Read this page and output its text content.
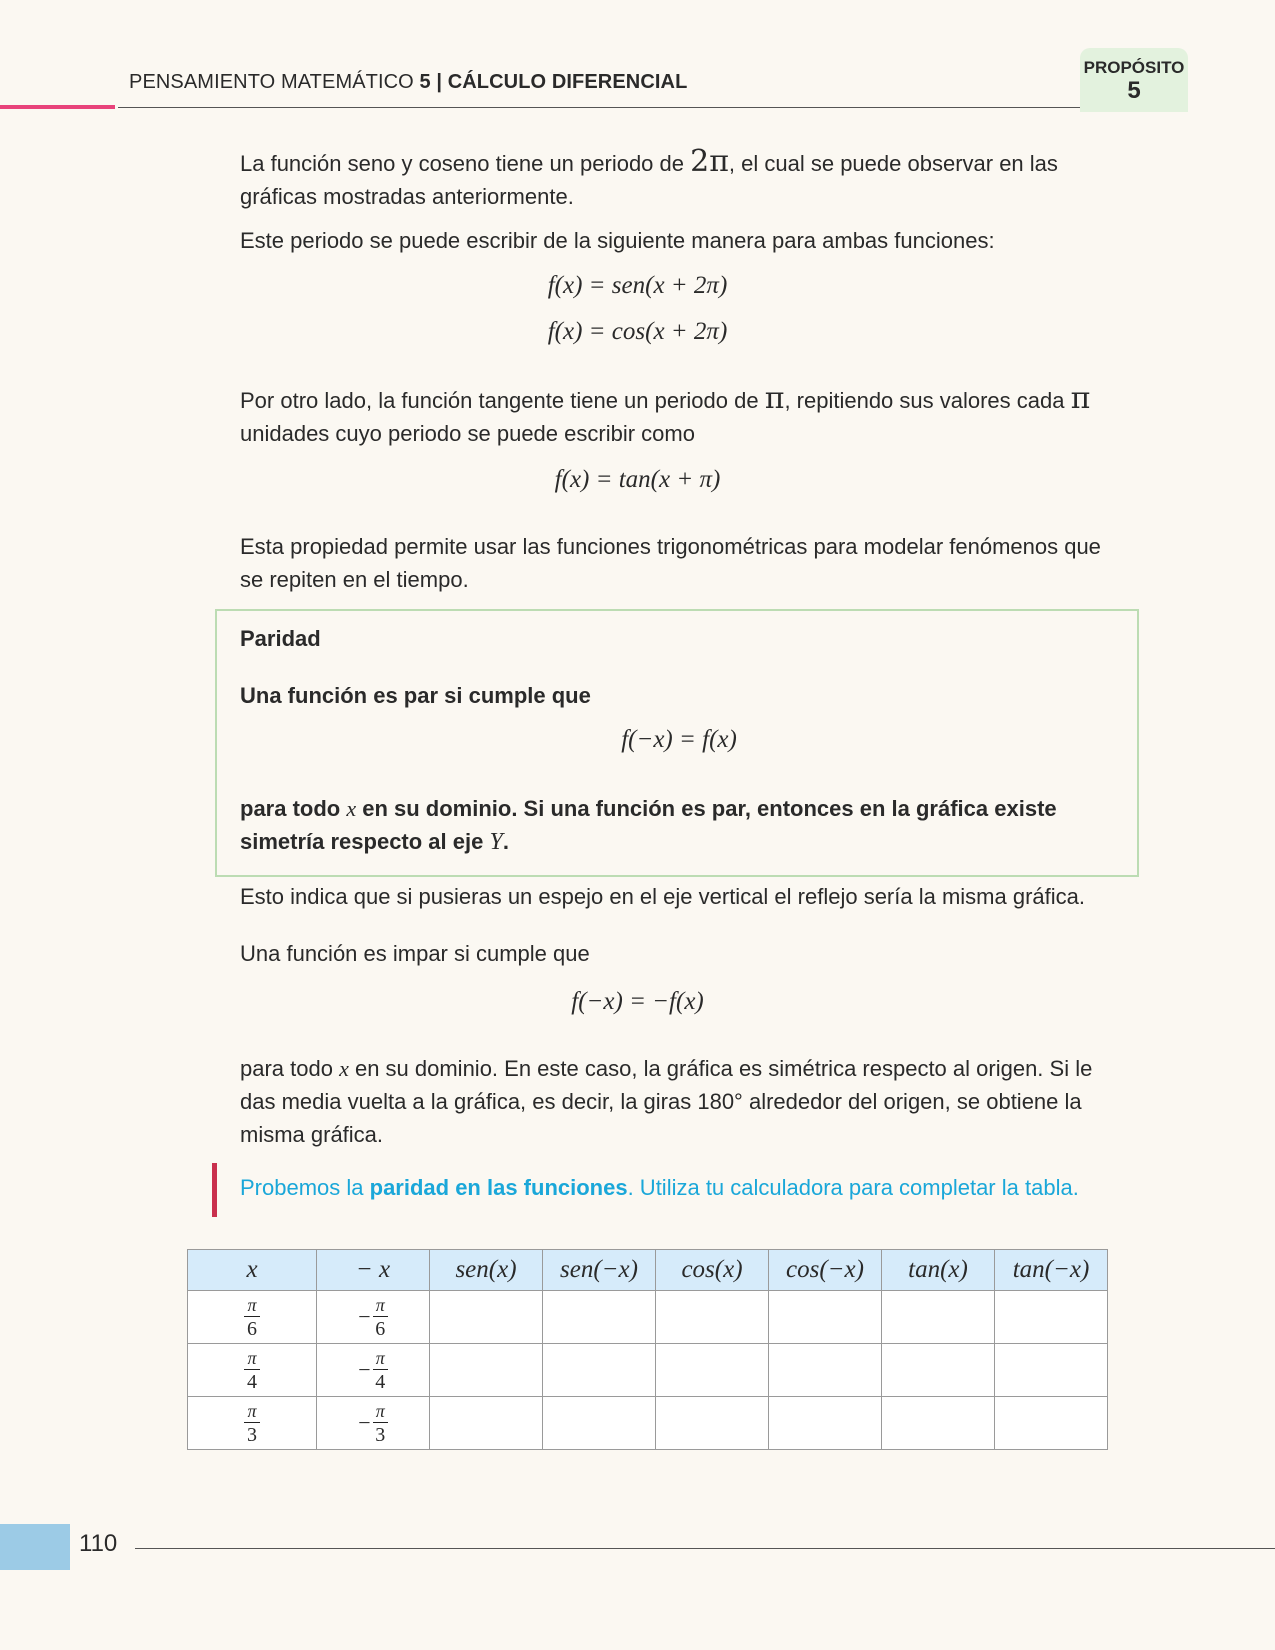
PENSAMIENTO MATEMÁTICO 5 | CÁLCULO DIFERENCIAL
PROPÓSITO
5
La función seno y coseno tiene un periodo de 2π, el cual se puede observar en las gráficas mostradas anteriormente.
Este periodo se puede escribir de la siguiente manera para ambas funciones:
f(x) = sen(x + 2π)
f(x) = cos(x + 2π)
Por otro lado, la función tangente tiene un periodo de π, repitiendo sus valores cada π unidades cuyo periodo se puede escribir como
f(x) = tan(x + π)
Esta propiedad permite usar las funciones trigonométricas para modelar fenómenos que se repiten en el tiempo.
Paridad
Una función es par si cumple que
f(−x) = f(x)
para todo x en su dominio. Si una función es par, entonces en la gráfica existe simetría respecto al eje Y.
Esto indica que si pusieras un espejo en el eje vertical el reflejo sería la misma gráfica.
Una función es impar si cumple que
f(−x) = −f(x)
para todo x en su dominio. En este caso, la gráfica es simétrica respecto al origen. Si le das media vuelta a la gráfica, es decir, la giras 180° alrededor del origen, se obtiene la misma gráfica.
Probemos la paridad en las funciones. Utiliza tu calculadora para completar la tabla.
x	− x	sen(x)	sen(−x)	cos(x)	cos(−x)	tan(x)	tan(−x)

$\frac{\pi}{6}$	− $\frac{\pi}{6}$

$\frac{\pi}{4}$	− $\frac{\pi}{4}$

$\frac{\pi}{3}$	− $\frac{\pi}{3}$

110
